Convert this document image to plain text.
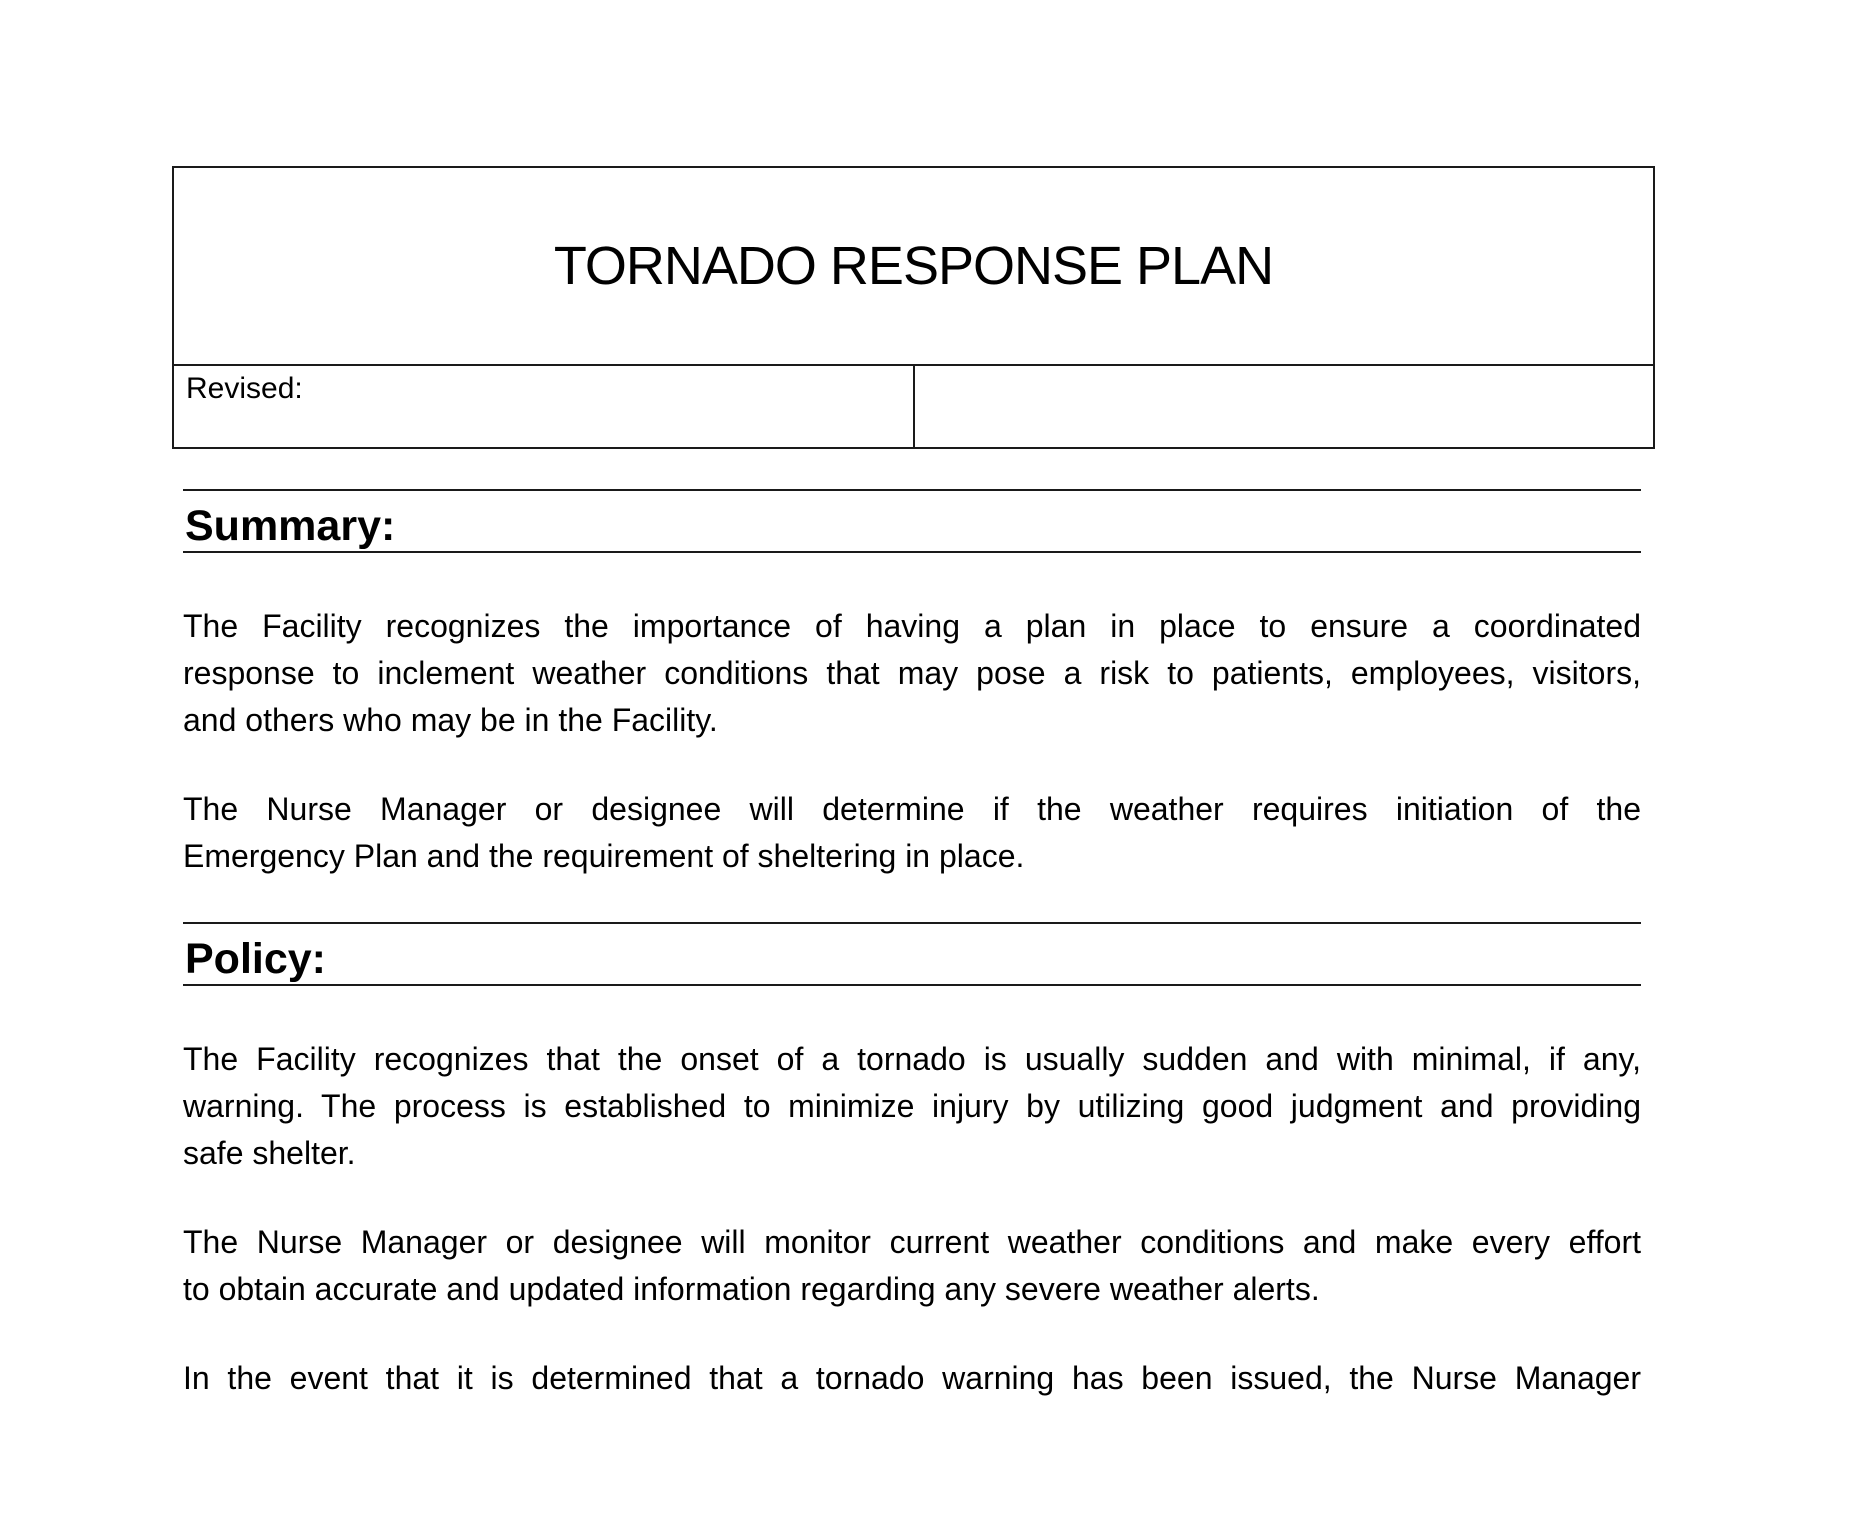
TORNADO RESPONSE PLAN
Revised:	
Summary:
The Facility recognizes the importance of having a plan in place to ensure a coordinated
response to inclement weather conditions that may pose a risk to patients, employees, visitors,
and others who may be in the Facility.
The Nurse Manager or designee will determine if the weather requires initiation of the
Emergency Plan and the requirement of sheltering in place.
Policy:
The Facility recognizes that the onset of a tornado is usually sudden and with minimal, if any,
warning. The process is established to minimize injury by utilizing good judgment and providing
safe shelter.
The Nurse Manager or designee will monitor current weather conditions and make every effort
to obtain accurate and updated information regarding any severe weather alerts.
In the event that it is determined that a tornado warning has been issued, the Nurse Manager
